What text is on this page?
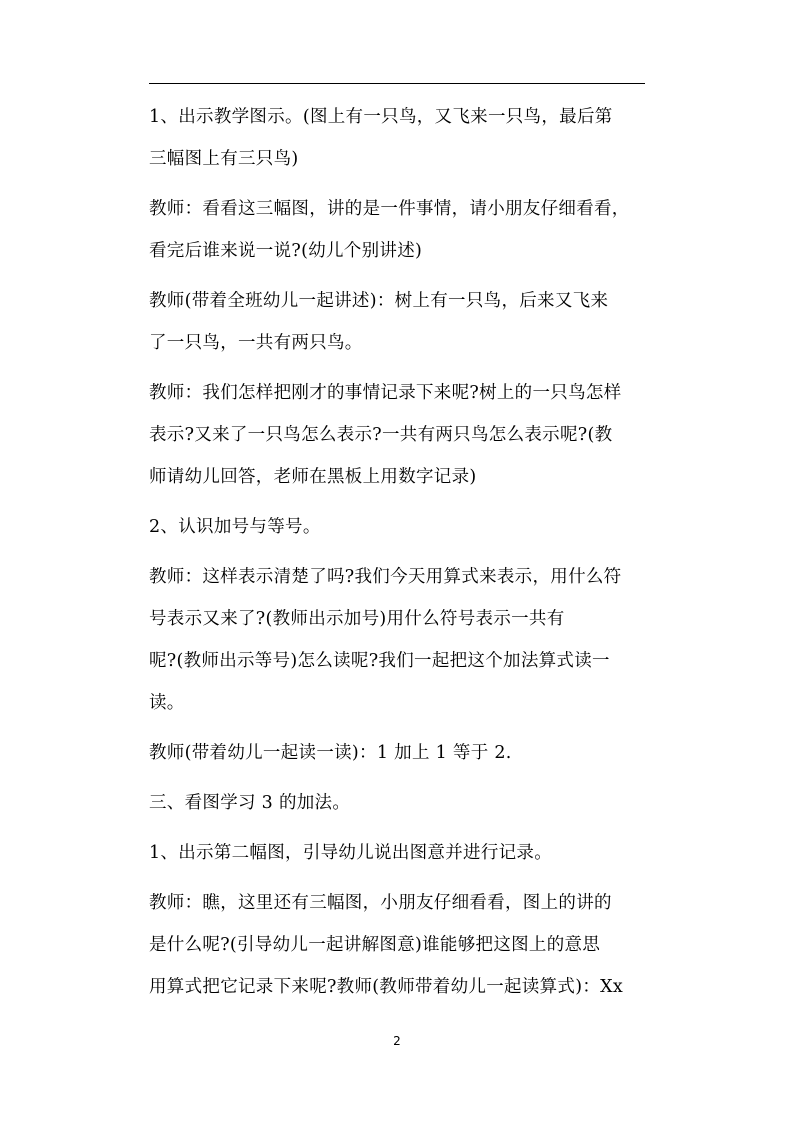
1、出示教学图示。(图上有一只鸟，又飞来一只鸟，最后第
三幅图上有三只鸟)

教师：看看这三幅图，讲的是一件事情，请小朋友仔细看看，
看完后谁来说一说?(幼儿个别讲述)

教师(带着全班幼儿一起讲述)：树上有一只鸟，后来又飞来
了一只鸟，一共有两只鸟。

教师：我们怎样把刚才的事情记录下来呢?树上的一只鸟怎样
表示?又来了一只鸟怎么表示?一共有两只鸟怎么表示呢?(教
师请幼儿回答，老师在黑板上用数字记录)

2、认识加号与等号。

教师：这样表示清楚了吗?我们今天用算式来表示，用什么符
号表示又来了?(教师出示加号)用什么符号表示一共有
呢?(教师出示等号)怎么读呢?我们一起把这个加法算式读一
读。

教师(带着幼儿一起读一读)：1 加上 1 等于 2.

三、看图学习 3 的加法。

1、出示第二幅图，引导幼儿说出图意并进行记录。

教师：瞧，这里还有三幅图，小朋友仔细看看，图上的讲的
是什么呢?(引导幼儿一起讲解图意)谁能够把这图上的意思
用算式把它记录下来呢?教师(教师带着幼儿一起读算式)：Xx

2
